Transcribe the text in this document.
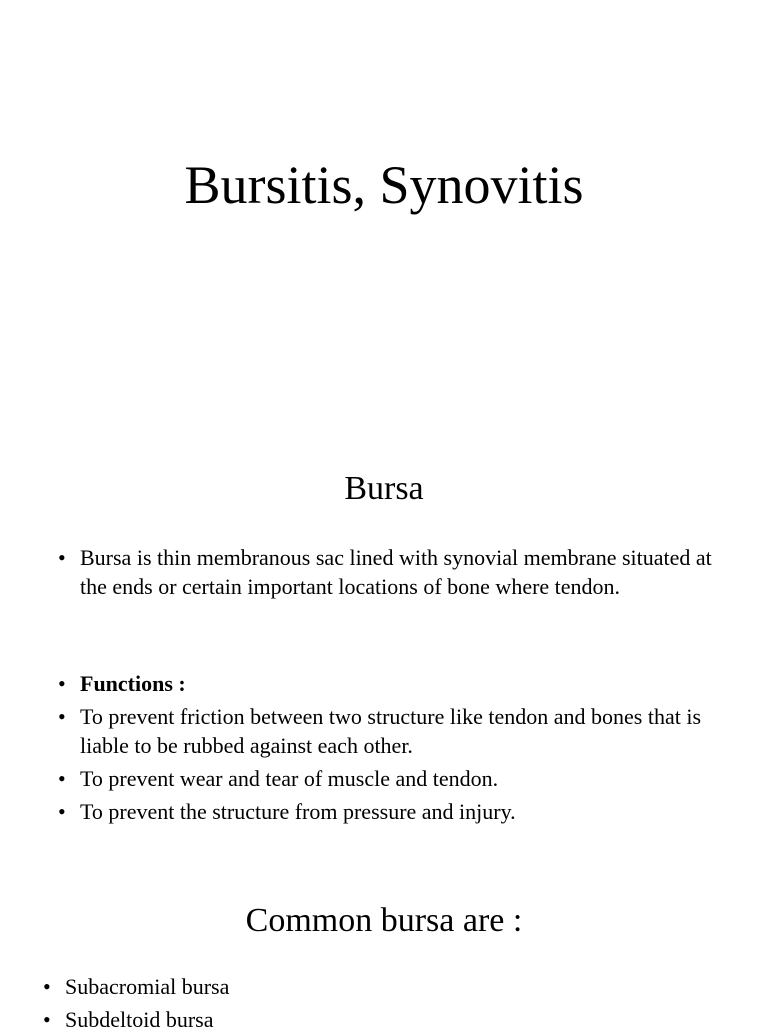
Bursitis, Synovitis
Bursa
• Bursa is thin membranous sac lined with synovial membrane situated at the ends or certain important locations of bone where tendon.
• Functions :
• To prevent friction between two structure like tendon and bones that is liable to be rubbed against each other.
• To prevent wear and tear of muscle and tendon.
• To prevent the structure from pressure and injury.
Common bursa are :
• Subacromial bursa
• Subdeltoid bursa
